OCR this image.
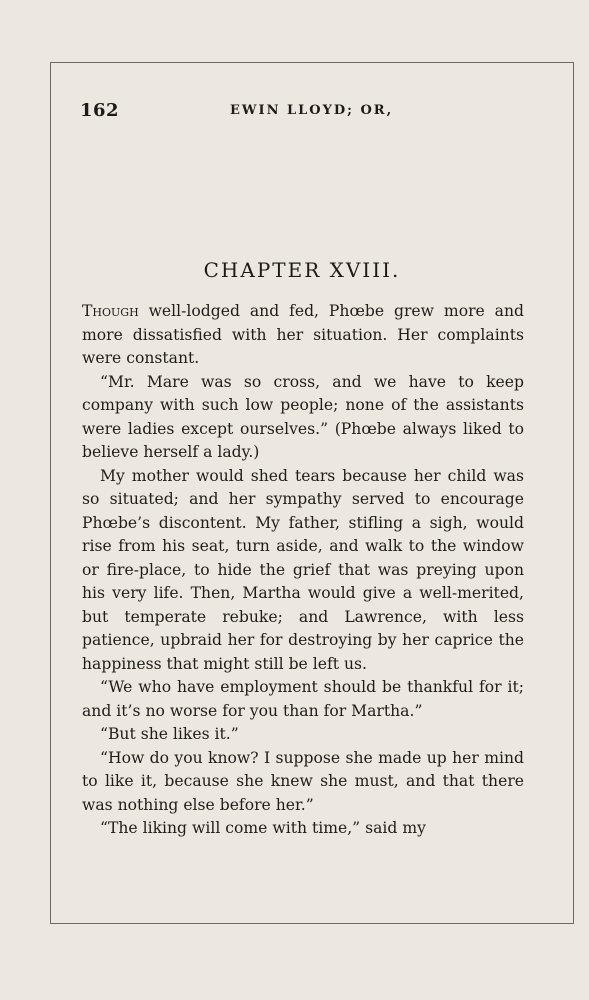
162	EWIN LLOYD; OR,
CHAPTER XVIII.

Though well-lodged and fed, Phœbe grew more and more dissatisfied with her situation. Her complaints were constant.

“Mr. Mare was so cross, and we have to keep company with such low people; none of the assistants were ladies except ourselves.” (Phœbe always liked to believe herself a lady.)

My mother would shed tears because her child was so situated; and her sympathy served to encourage Phœbe’s discontent. My father, stifling a sigh, would rise from his seat, turn aside, and walk to the window or fire-place, to hide the grief that was preying upon his very life. Then, Martha would give a well-merited, but temperate rebuke; and Lawrence, with less patience, upbraid her for destroying by her caprice the happiness that might still be left us.

“We who have employment should be thankful for it; and it’s no worse for you than for Martha.”

“But she likes it.”

“How do you know? I suppose she made up her mind to like it, because she knew she must, and that there was nothing else before her.”

“The liking will come with time,” said my
